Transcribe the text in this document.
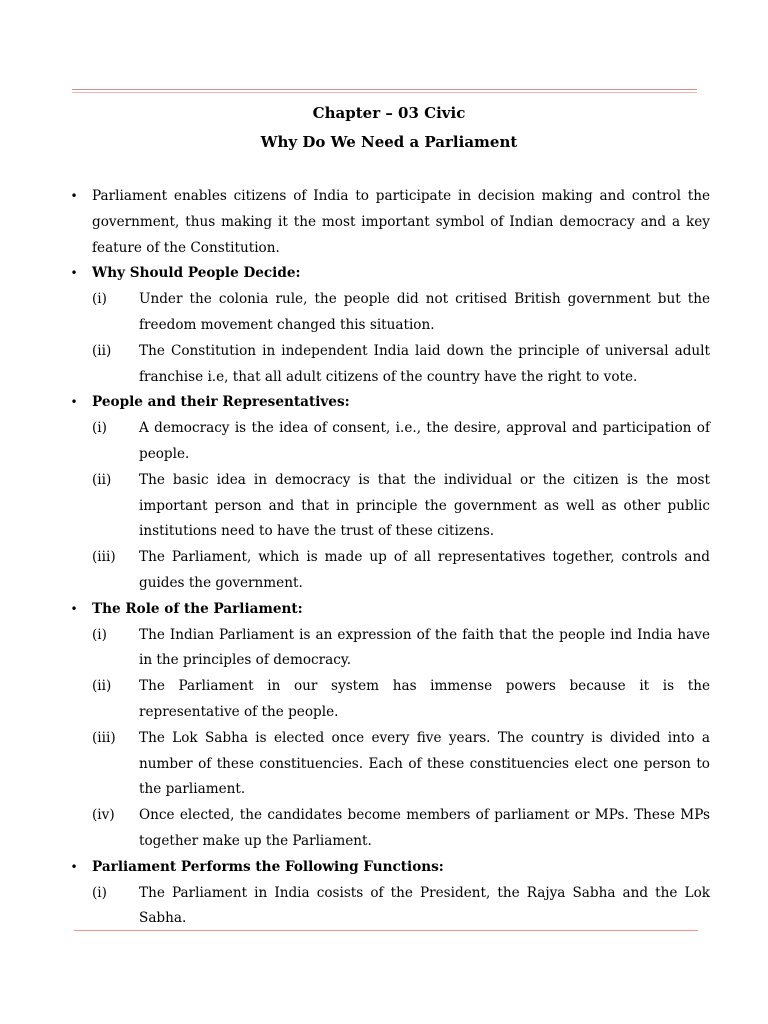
Chapter – 03 Civic
Why Do We Need a Parliament
• Parliament enables citizens of India to participate in decision making and control the government, thus making it the most important symbol of Indian democracy and a key feature of the Constitution.
• Why Should People Decide:
(i) Under the colonia rule, the people did not critised British government but the freedom movement changed this situation.
(ii) The Constitution in independent India laid down the principle of universal adult franchise i.e, that all adult citizens of the country have the right to vote.
• People and their Representatives:
(i) A democracy is the idea of consent, i.e., the desire, approval and participation of people.
(ii) The basic idea in democracy is that the individual or the citizen is the most important person and that in principle the government as well as other public institutions need to have the trust of these citizens.
(iii) The Parliament, which is made up of all representatives together, controls and guides the government.
• The Role of the Parliament:
(i) The Indian Parliament is an expression of the faith that the people ind India have in the principles of democracy.
(ii) The Parliament in our system has immense powers because it is the representative of the people.
(iii) The Lok Sabha is elected once every five years. The country is divided into a number of these constituencies. Each of these constituencies elect one person to the parliament.
(iv) Once elected, the candidates become members of parliament or MPs. These MPs together make up the Parliament.
• Parliament Performs the Following Functions:
(i) The Parliament in India cosists of the President, the Rajya Sabha and the Lok Sabha.
